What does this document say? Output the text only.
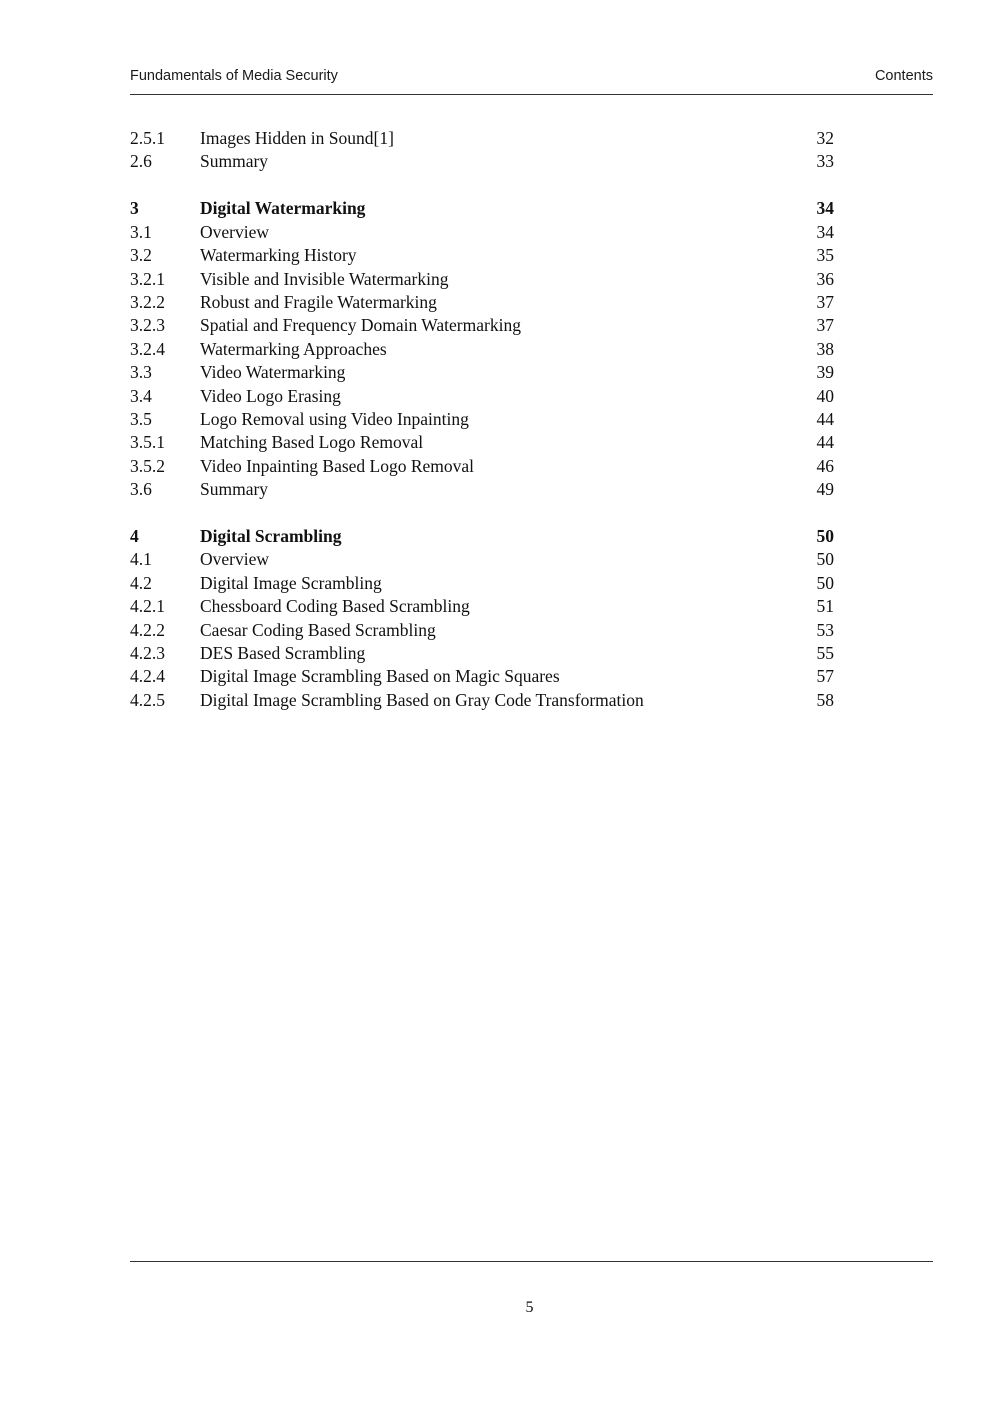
Fundamentals of Media Security	Contents
2.5.1	Images Hidden in Sound[1]	32
2.6	Summary	33
3	Digital Watermarking	34
3.1	Overview	34
3.2	Watermarking History	35
3.2.1	Visible and Invisible Watermarking	36
3.2.2	Robust and Fragile Watermarking	37
3.2.3	Spatial and Frequency Domain Watermarking	37
3.2.4	Watermarking Approaches	38
3.3	Video Watermarking	39
3.4	Video Logo Erasing	40
3.5	Logo Removal using Video Inpainting	44
3.5.1	Matching Based Logo Removal	44
3.5.2	Video Inpainting Based Logo Removal	46
3.6	Summary	49
4	Digital Scrambling	50
4.1	Overview	50
4.2	Digital Image Scrambling	50
4.2.1	Chessboard Coding Based Scrambling	51
4.2.2	Caesar Coding Based Scrambling	53
4.2.3	DES Based Scrambling	55
4.2.4	Digital Image Scrambling Based on Magic Squares	57
4.2.5	Digital Image Scrambling Based on Gray Code Transformation	58
5
